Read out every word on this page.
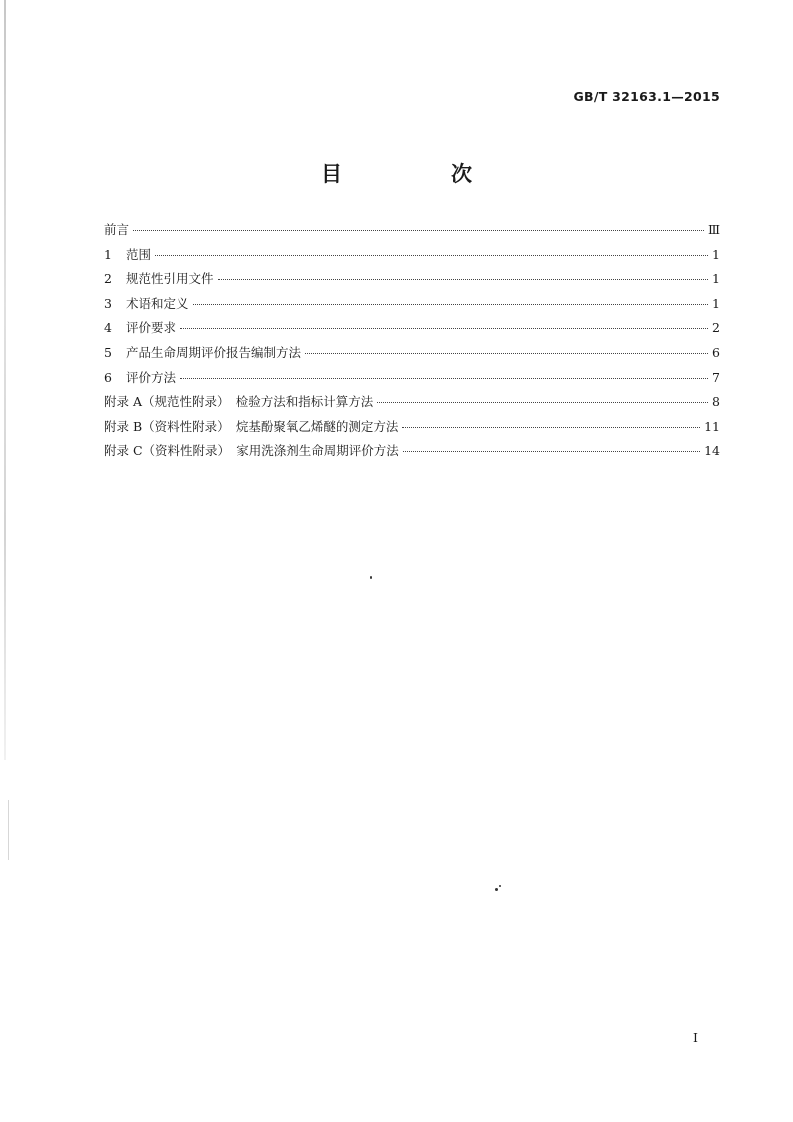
GB/T 32163.1—2015
目　次
前言	Ⅲ
1	范围	1
2	规范性引用文件	1
3	术语和定义	1
4	评价要求	2
5	产品生命周期评价报告编制方法	6
6	评价方法	7
附录 A（规范性附录）　检验方法和指标计算方法	8
附录 B（资料性附录）　烷基酚聚氧乙烯醚的测定方法	11
附录 C（资料性附录）　家用洗涤剂生命周期评价方法	14
I
